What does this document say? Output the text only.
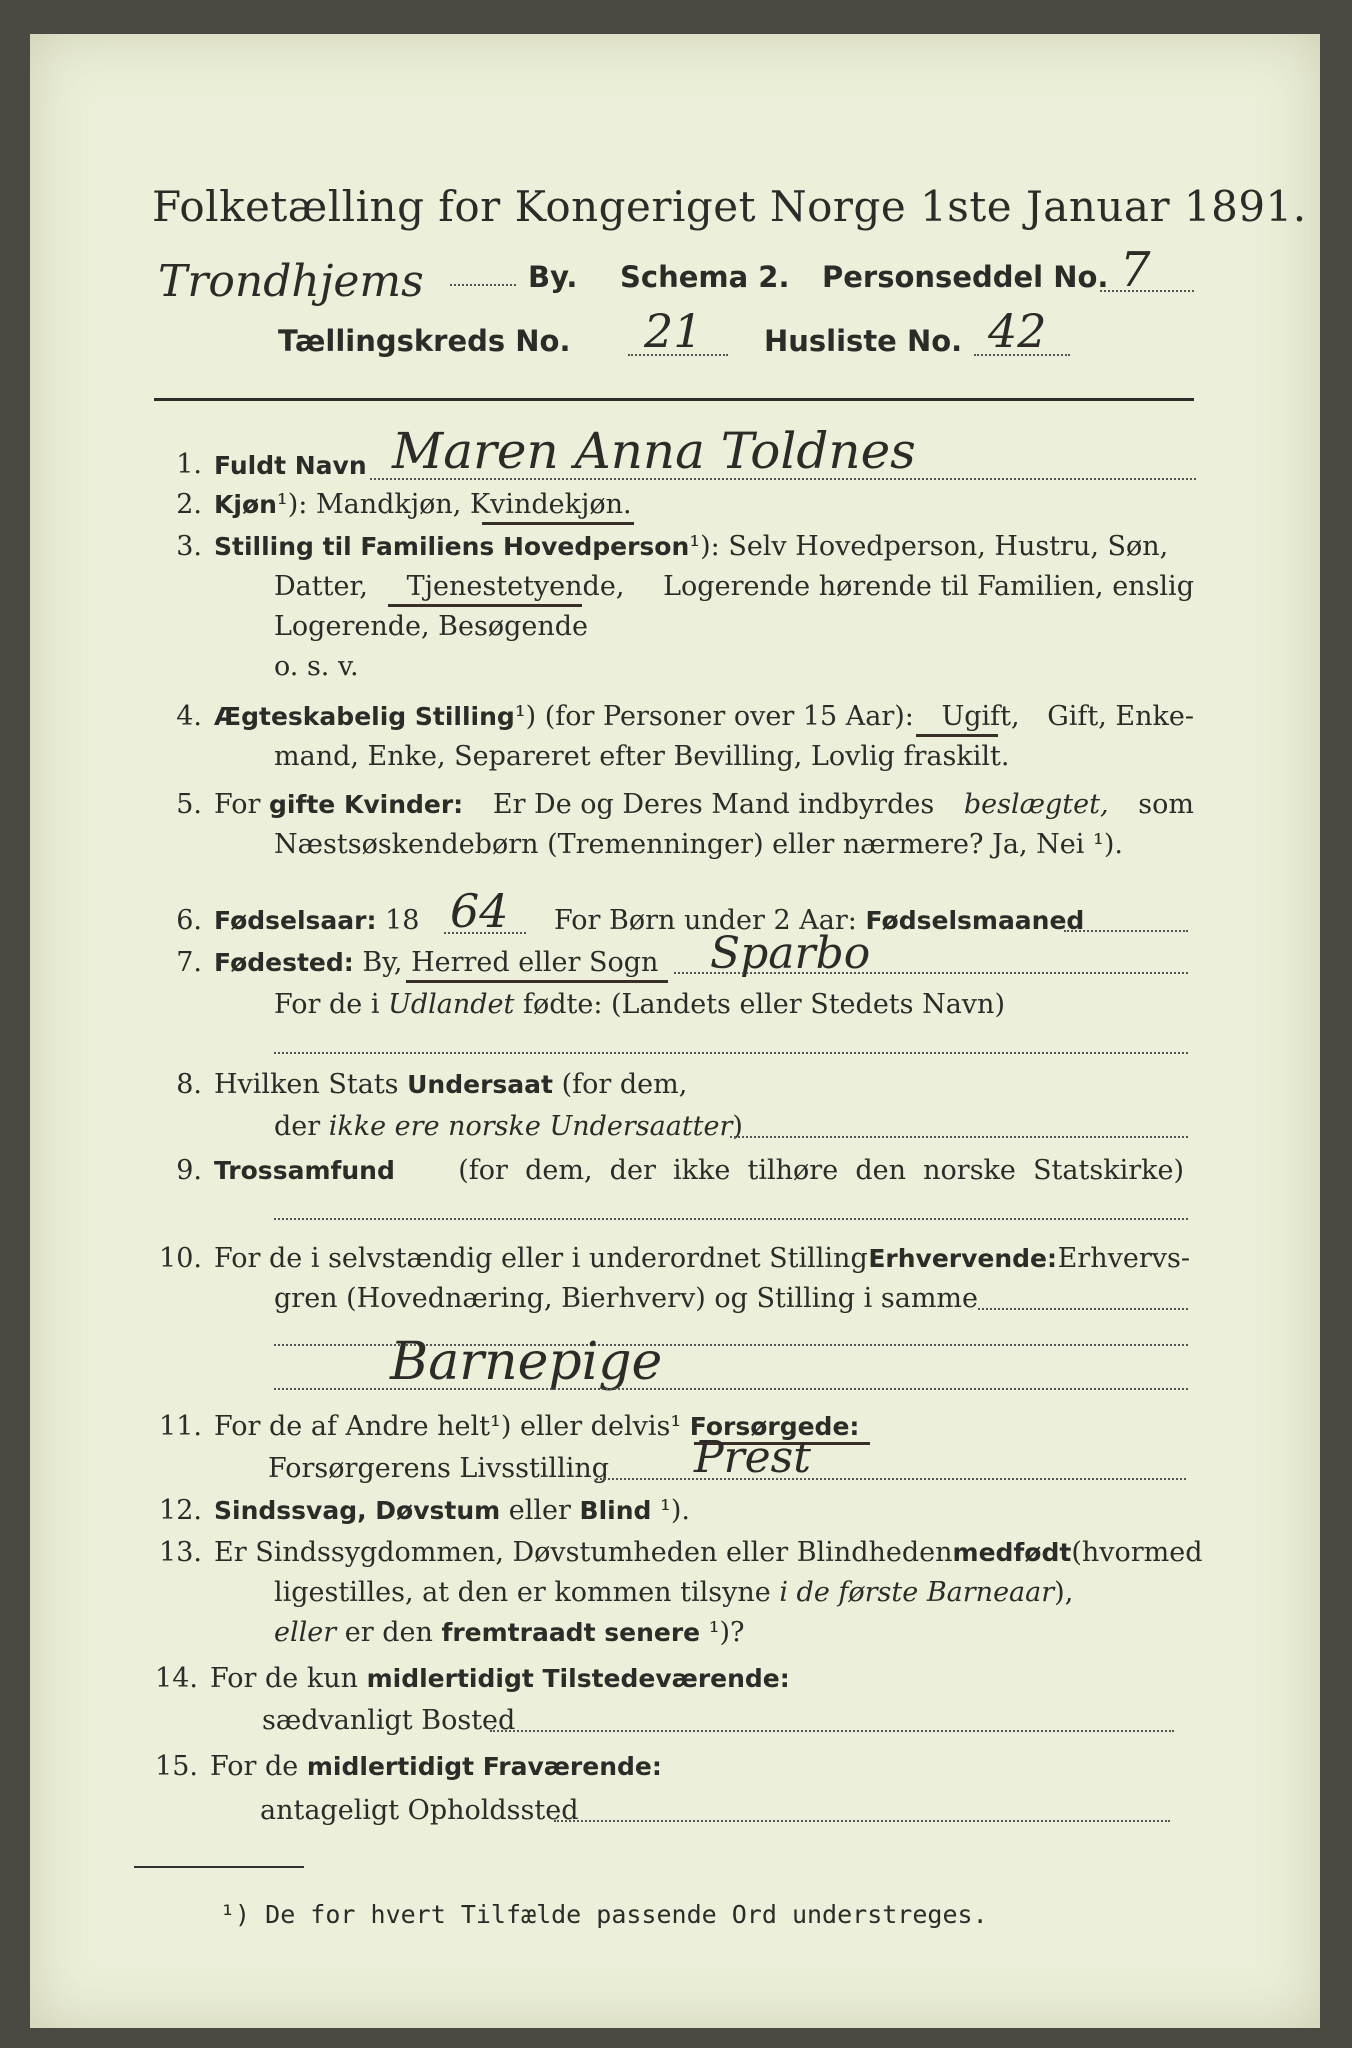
Folketælling for Kongeriget Norge 1ste Januar 1891.
Trondhjems	By. Schema 2. Personseddel No. 7
Tællingskreds No. 21 Husliste No. 42
1. Fuldt Navn Maren Anna Toldnes
2. Kjøn¹): Mandkjøn, Kvindekjøn.
3. Stilling til Familiens Hovedperson¹): Selv Hovedperson, Hustru, Søn,
Datter, Tjenestetyende, Logerende hørende til Familien, enslig
Logerende, Besøgende
o. s. v.
4. Ægteskabelig Stilling¹) (for Personer over 15 Aar): Ugift, Gift, Enke-
mand, Enke, Separeret efter Bevilling, Lovlig fraskilt.
5. For gifte Kvinder: Er De og Deres Mand indbyrdes beslægtet, som
Næstsøskendebørn (Tremenninger) eller nærmere? Ja, Nei ¹).
6. Fødselsaar: 18 64 For Børn under 2 Aar: Fødselsmaaned
7. Fødested: By, Herred eller Sogn Sparbo
For de i Udlandet fødte: (Landets eller Stedets Navn)
8. Hvilken Stats Undersaat (for dem,
der ikke ere norske Undersaatter)
9. Trossamfund (for  dem,  der  ikke  tilhøre  den  norske  Statskirke)
10. For de i selvstændig eller i underordnet Stilling Erhvervende: Erhvervs-
gren (Hovednæring, Bierhverv) og Stilling i samme
Barnepige
11. For de af Andre helt¹) eller delvis¹ Forsørgede:
Forsørgerens Livsstilling Prest
12. Sindssvag, Døvstum eller Blind ¹).
13. Er Sindssygdommen, Døvstumheden eller Blindheden medfødt (hvormed
ligestilles, at den er kommen tilsyne i de første Barneaar),
eller er den fremtraadt senere ¹)?
14. For de kun midlertidigt Tilstedeværende:
sædvanligt Bosted
15. For de midlertidigt Fraværende:
antageligt Opholdssted
¹) De for hvert Tilfælde passende Ord understreges.
